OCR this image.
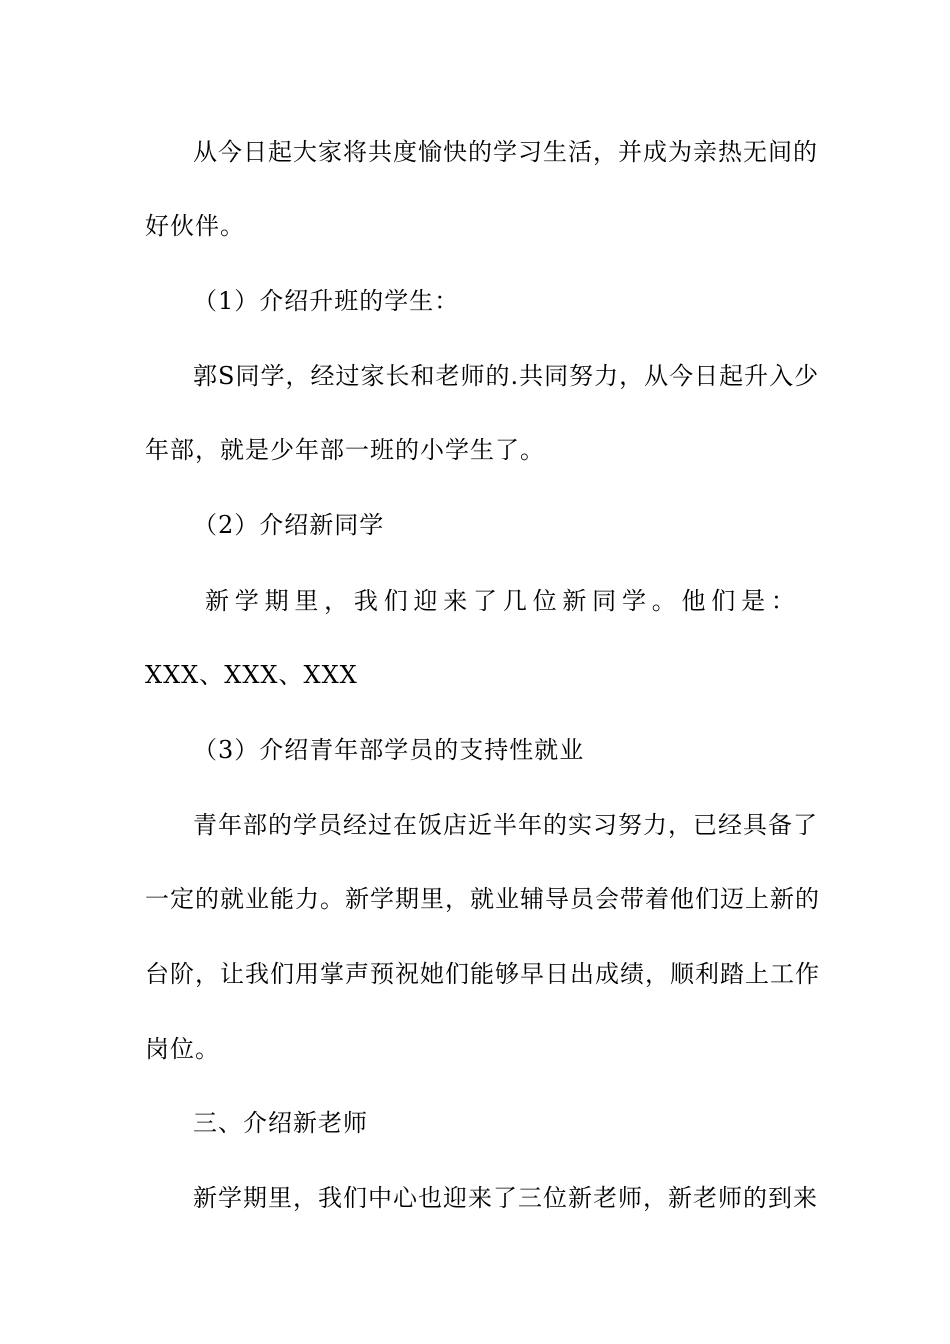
从今日起大家将共度愉快的学习生活，并成为亲热无间的
好伙伴。
（1）介绍升班的学生：
郭S同学，经过家长和老师的.共同努力，从今日起升入少
年部，就是少年部一班的小学生了。
（2）介绍新同学
新 学 期 里 ， 我 们 迎 来 了 几 位 新 同 学 。 他 们 是 ：
XXX、XXX、XXX
（3）介绍青年部学员的支持性就业
青年部的学员经过在饭店近半年的实习努力，已经具备了
一定的就业能力。新学期里，就业辅导员会带着他们迈上新的
台阶，让我们用掌声预祝她们能够早日出成绩，顺利踏上工作
岗位。
三、介绍新老师
新学期里，我们中心也迎来了三位新老师，新老师的到来
